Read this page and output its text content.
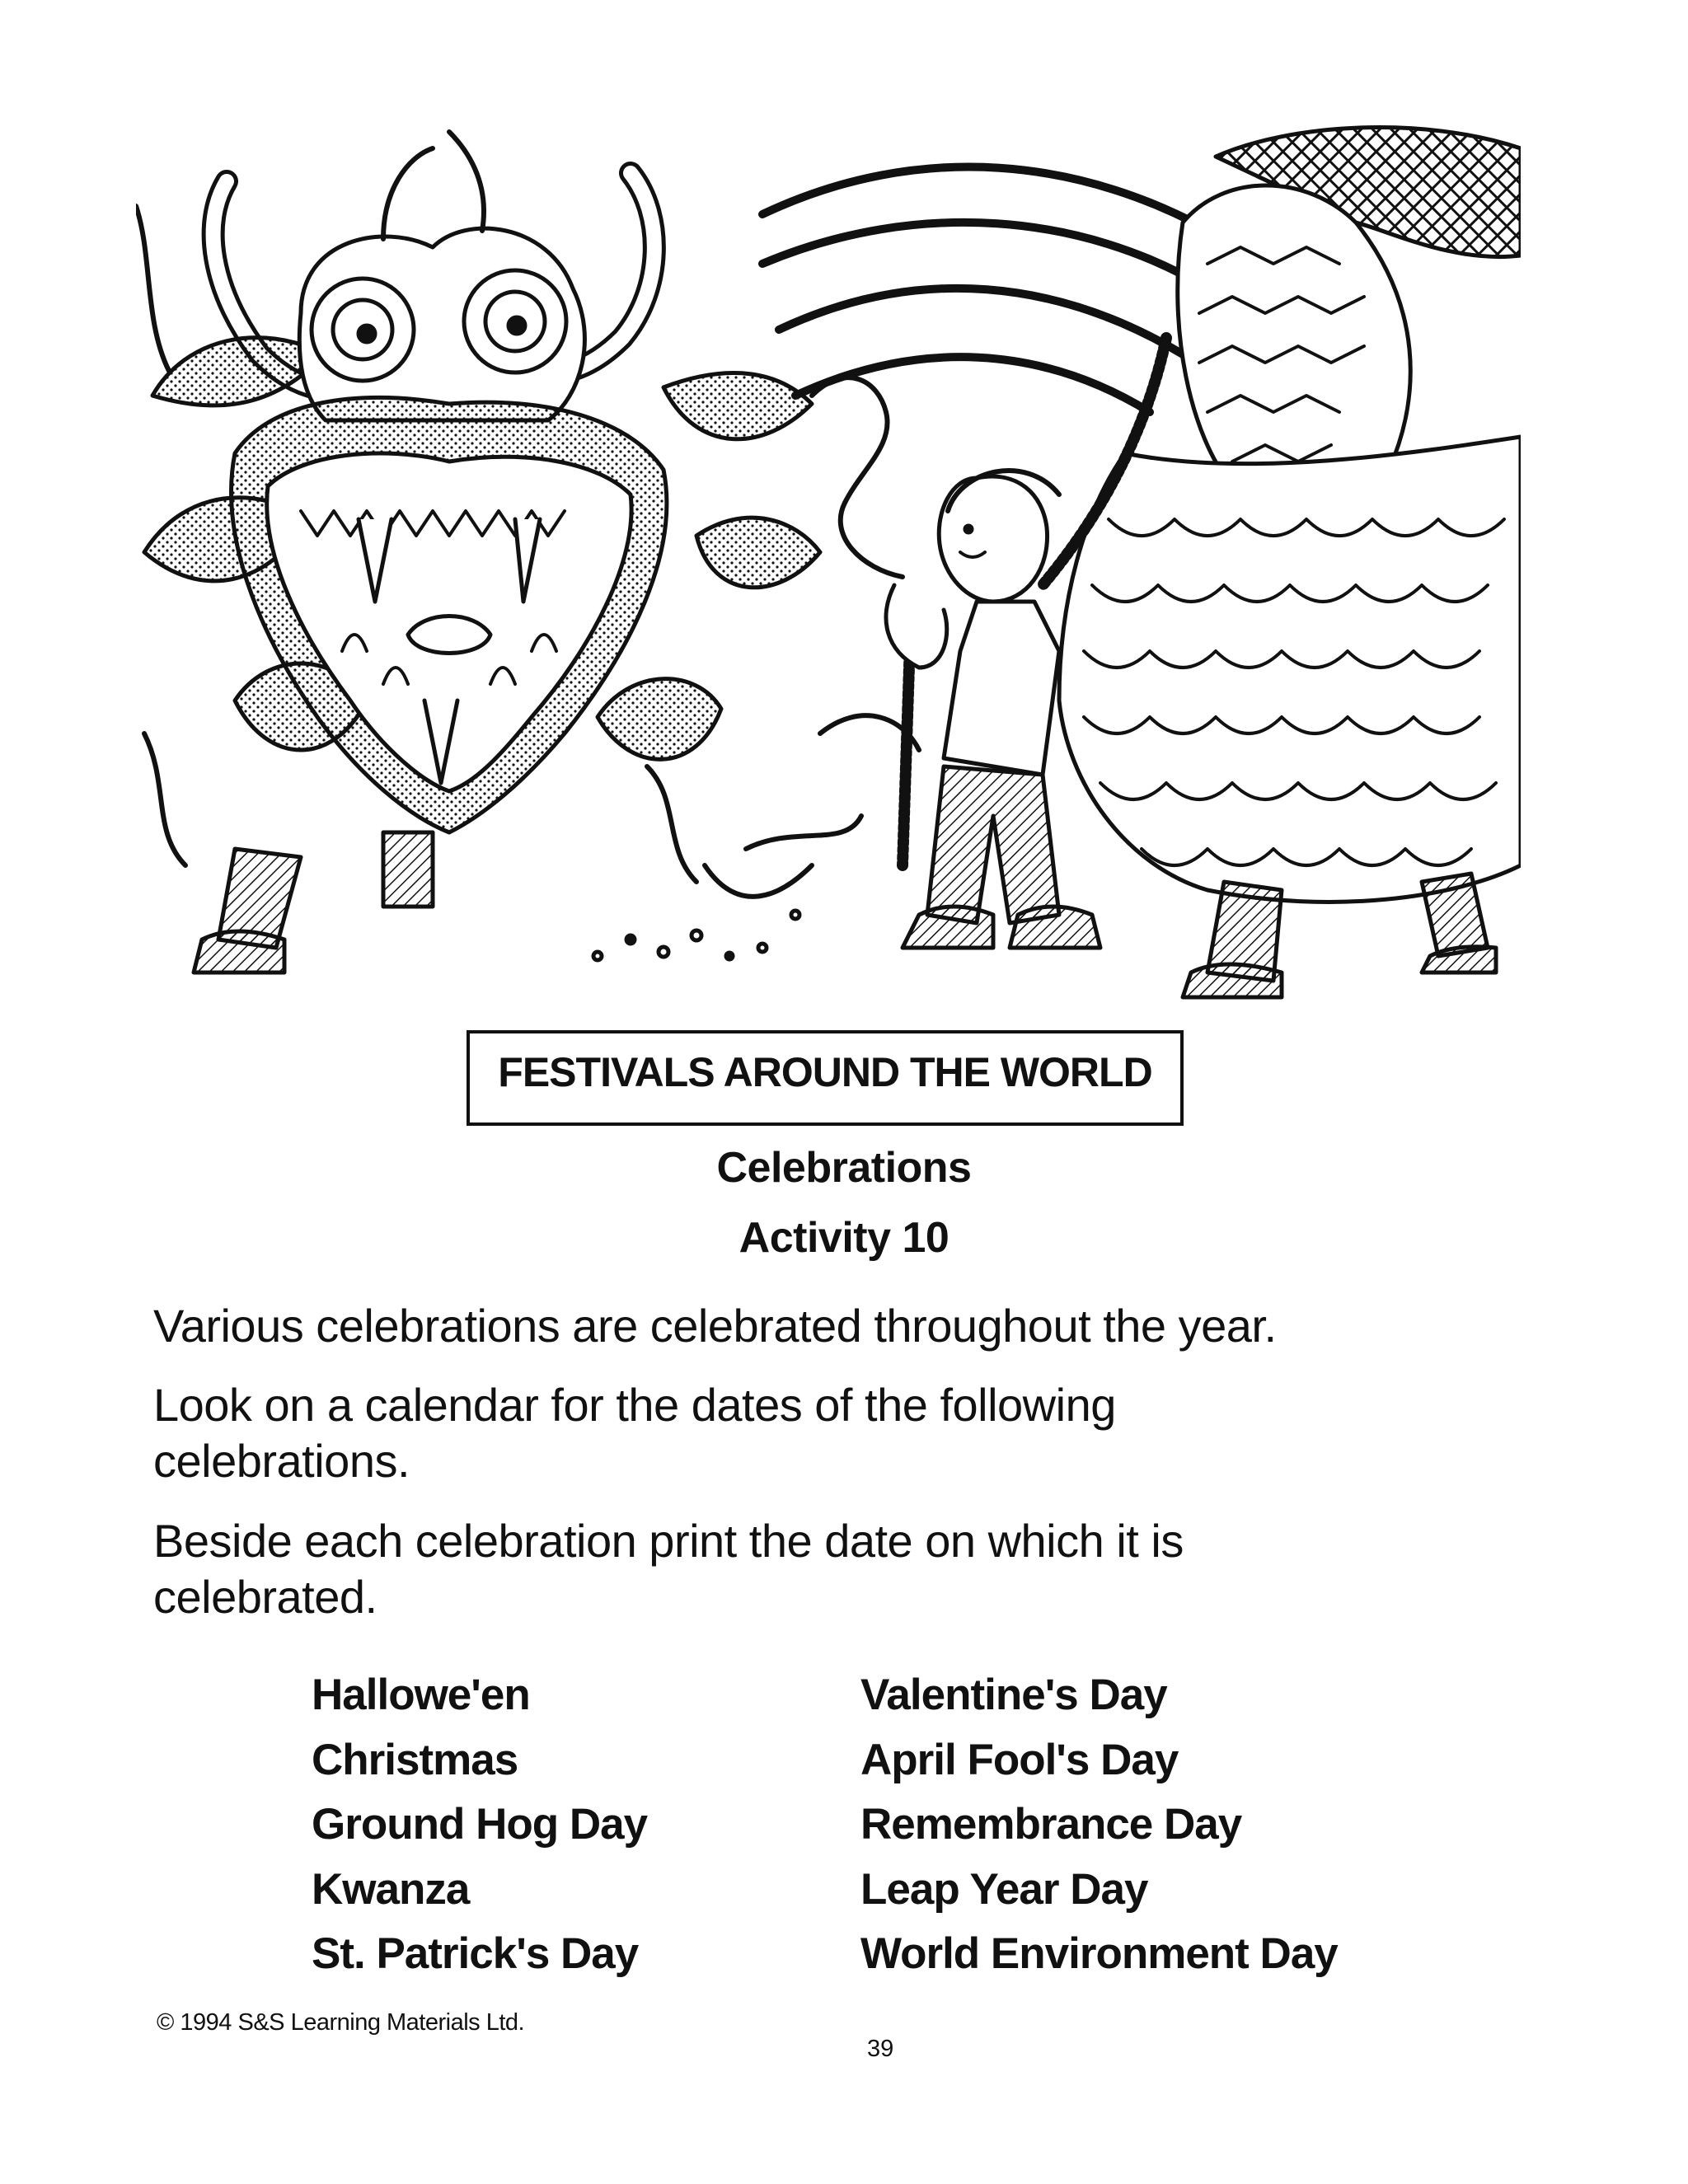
FESTIVALS AROUND THE WORLD
Celebrations
Activity 10

Various celebrations are celebrated throughout the year.

Look on a calendar for the dates of the following celebrations.

Beside each celebration print the date on which it is celebrated.

Hallowe'en
Christmas
Ground Hog Day
Kwanza
St. Patrick's Day
Valentine's Day
April Fool's Day
Remembrance Day
Leap Year Day
World Environment Day
© 1994 S&S Learning Materials Ltd.
39
